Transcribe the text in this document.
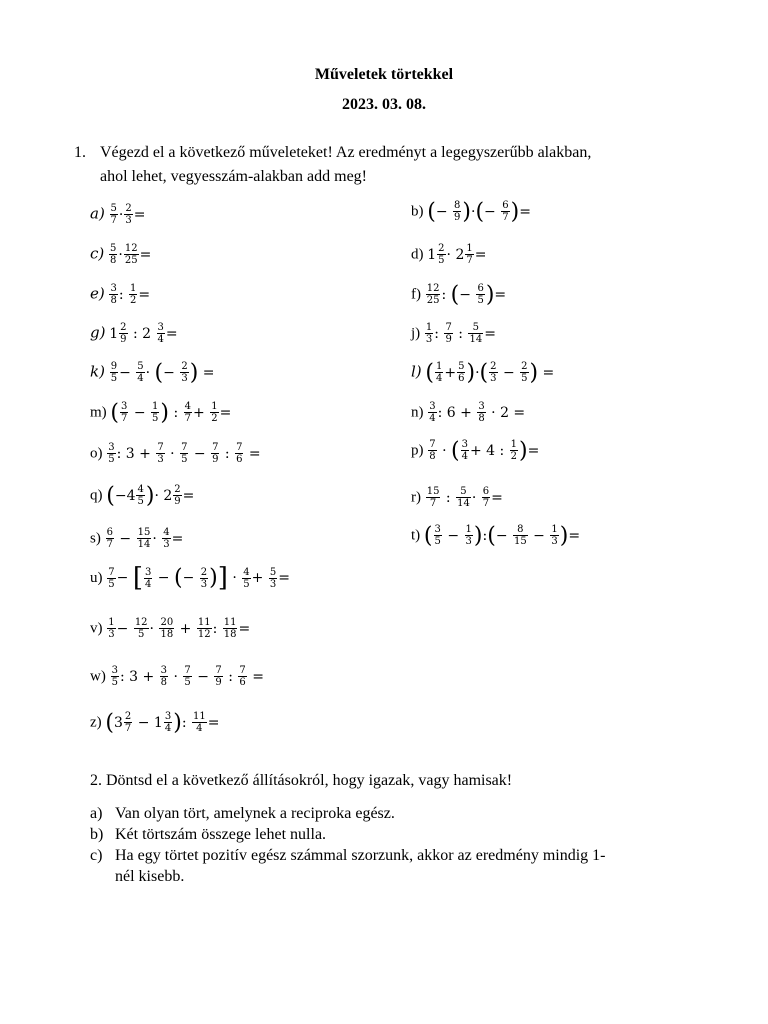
Műveletek törtekkel
2023. 03. 08.
1. Végezd el a következő műveleteket! Az eredményt a legegyszerűbb alakban,
ahol lehet, vegyesszám-alakban add meg!
$a) \frac{5}{7} \cdot \frac{2}{3}$ =	b) (− $\frac{8}{9}$ )·(− $\frac{6}{7}$ )=
$c) \frac{5}{8} \cdot \frac{12}{25}$ =	d) $1 \frac{2}{5} \cdot 2 \frac{1}{7}$ =
$e) \frac{3}{8}$ : $\frac{1}{2}$ =	$f) \frac{12}{25}$ : (− $\frac{6}{5}$ )=
g) $1 \frac{2}{9}$ : $2 \frac{3}{4}$ =	$j) \frac{1}{3}$ : $\frac{7}{9}$ : $\frac{5}{14}$ =
$k) \frac{9}{5} - \frac{5}{4}$ · (− $\frac{2}{3}$ ) =	l) ( $\frac{1}{4} + \frac{5}{6}$ )·( $\frac{2}{3} - \frac{2}{5}$ ) =
m) ( $\frac{3}{7} - \frac{1}{5}$ ) : $\frac{4}{7} + \frac{1}{2}$ =	$n) \frac{3}{4}$ : $6 + \frac{3}{8} \cdot 2$ =
$o) \frac{3}{5}$ : $3 + \frac{7}{3} \cdot \frac{7}{5} - \frac{7}{9}$ : $\frac{7}{6}$ =	$p) \frac{7}{8}$ · ( $\frac{3}{4} + 4$ : $\frac{1}{2}$ )=
q) ($-4 \frac{4}{5}$ )· $2 \frac{2}{9}$ =	$r) \frac{15}{7}$ : $\frac{5}{14} \cdot \frac{6}{7}$ =
$s) \frac{6}{7} - \frac{15}{14} \cdot \frac{4}{3}$ =	t) ( $\frac{3}{5} - \frac{1}{3}$ ):(− $\frac{8}{15} - \frac{1}{3}$ )=
$u) \frac{7}{5}$ − [ $\frac{3}{4}$ − (− $\frac{2}{3}$ )] · $\frac{4}{5} + \frac{5}{3}$ =
$v) \frac{1}{3} - \frac{12}{5} \cdot \frac{20}{18} + \frac{11}{12}$ : $\frac{11}{18}$ =
$w) \frac{3}{5}$ : $3 + \frac{3}{8} \cdot \frac{7}{5} - \frac{7}{9}$ : $\frac{7}{6}$ =
z) ($3 \frac{2}{7} - 1 \frac{3}{4}$ ): $\frac{11}{4}$ =
2. Döntsd el a következő állításokról, hogy igazak, vagy hamisak!
a) Van olyan tört, amelynek a reciproka egész.
b) Két törtszám összege lehet nulla.
c) Ha egy törtet pozitív egész számmal szorzunk, akkor az eredmény mindig 1-
nél kisebb.
